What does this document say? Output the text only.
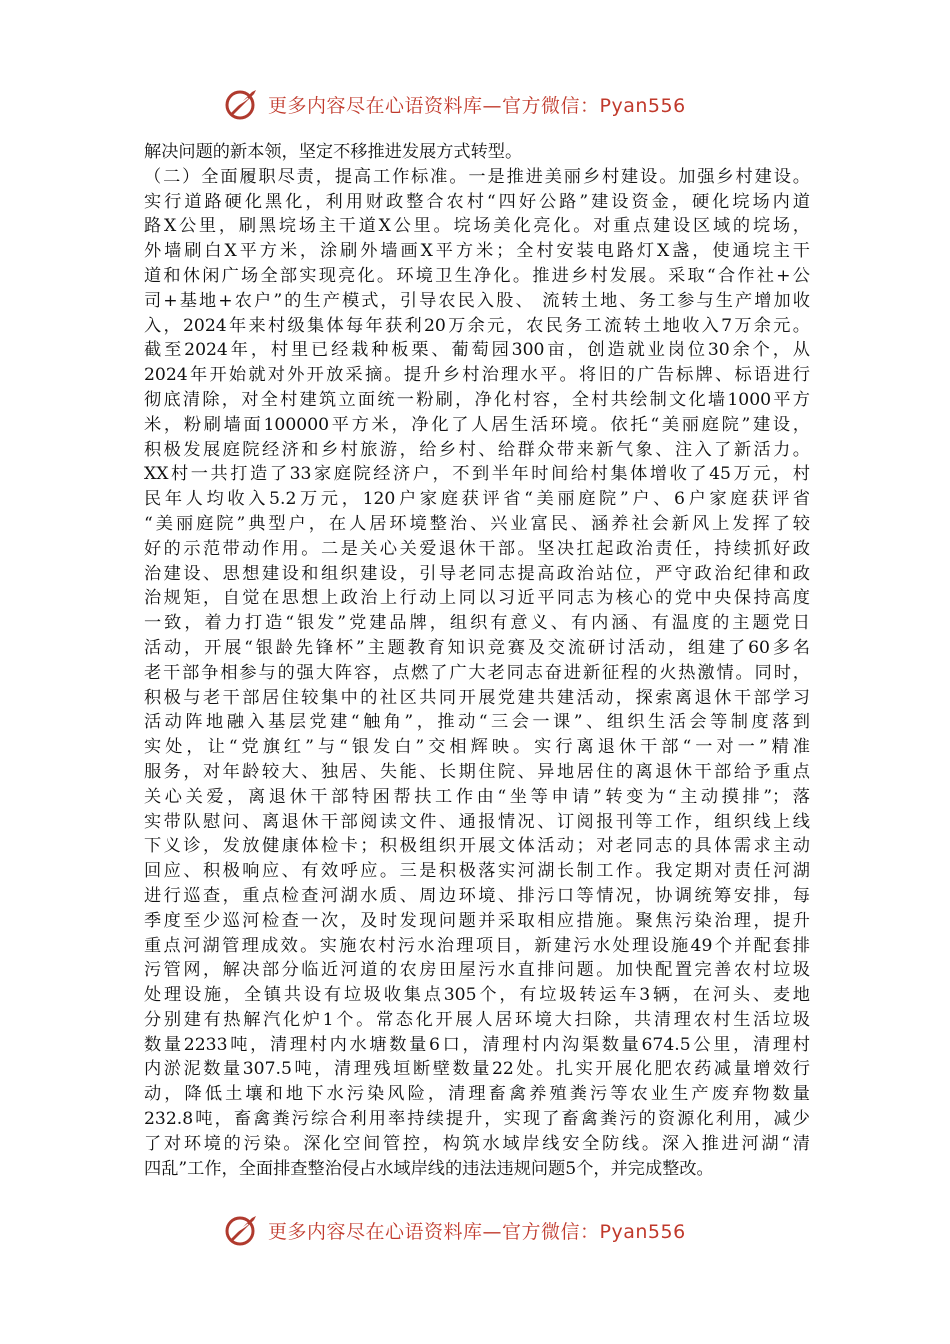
更多内容尽在心语资料库—官方微信：Pyan556
解决问题的新本领，坚定不移推进发展方式转型。
（二）全面履职尽责，提高工作标准。一是推进美丽乡村建设。加强乡村建设。
实行道路硬化黑化，利用财政整合农村“四好公路”建设资金，硬化垸场内道
路X公里，刷黑垸场主干道X公里。垸场美化亮化。对重点建设区域的垸场，
外墙刷白X平方米，涂刷外墙画X平方米；全村安装电路灯X盏，使通垸主干
道和休闲广场全部实现亮化。环境卫生净化。推进乡村发展。采取“合作社+公
司+基地+农户”的生产模式，引导农民入股、 流转土地、务工参与生产增加收
入，2024年来村级集体每年获利20万余元，农民务工流转土地收入7万余元。
截至2024年，村里已经栽种板栗、葡萄园300亩，创造就业岗位30余个，从
2024年开始就对外开放采摘。提升乡村治理水平。将旧的广告标牌、标语进行
彻底清除，对全村建筑立面统一粉刷，净化村容，全村共绘制文化墙1000平方
米，粉刷墙面100000平方米，净化了人居生活环境。依托“美丽庭院”建设，
积极发展庭院经济和乡村旅游，给乡村、给群众带来新气象、注入了新活力。
XX村一共打造了33家庭院经济户，不到半年时间给村集体增收了45万元，村
民年人均收入5.2万元，120户家庭获评省“美丽庭院”户、6户家庭获评省
“美丽庭院”典型户，在人居环境整治、兴业富民、涵养社会新风上发挥了较
好的示范带动作用。二是关心关爱退休干部。坚决扛起政治责任，持续抓好政
治建设、思想建设和组织建设，引导老同志提高政治站位，严守政治纪律和政
治规矩，自觉在思想上政治上行动上同以习近平同志为核心的党中央保持高度
一致，着力打造“银发”党建品牌，组织有意义、有内涵、有温度的主题党日
活动，开展“银龄先锋杯”主题教育知识竞赛及交流研讨活动，组建了60多名
老干部争相参与的强大阵容，点燃了广大老同志奋进新征程的火热激情。同时，
积极与老干部居住较集中的社区共同开展党建共建活动，探索离退休干部学习
活动阵地融入基层党建“触角”，推动“三会一课”、组织生活会等制度落到
实处，让“党旗红”与“银发白”交相辉映。实行离退休干部“一对一”精准
服务，对年龄较大、独居、失能、长期住院、异地居住的离退休干部给予重点
关心关爱，离退休干部特困帮扶工作由“坐等申请”转变为“主动摸排”；落
实带队慰问、离退休干部阅读文件、通报情况、订阅报刊等工作，组织线上线
下义诊，发放健康体检卡；积极组织开展文体活动；对老同志的具体需求主动
回应、积极响应、有效呼应。三是积极落实河湖长制工作。我定期对责任河湖
进行巡查，重点检查河湖水质、周边环境、排污口等情况，协调统筹安排，每
季度至少巡河检查一次，及时发现问题并采取相应措施。聚焦污染治理，提升
重点河湖管理成效。实施农村污水治理项目，新建污水处理设施49个并配套排
污管网，解决部分临近河道的农房田屋污水直排问题。加快配置完善农村垃圾
处理设施，全镇共设有垃圾收集点305个，有垃圾转运车3辆，在河头、麦地
分别建有热解汽化炉1个。常态化开展人居环境大扫除，共清理农村生活垃圾
数量2233吨，清理村内水塘数量6口，清理村内沟渠数量674.5公里，清理村
内淤泥数量307.5吨，清理残垣断壁数量22处。扎实开展化肥农药减量增效行
动，降低土壤和地下水污染风险，清理畜禽养殖粪污等农业生产废弃物数量
232.8吨，畜禽粪污综合利用率持续提升，实现了畜禽粪污的资源化利用，减少
了对环境的污染。深化空间管控，构筑水域岸线安全防线。深入推进河湖“清
四乱”工作，全面排查整治侵占水域岸线的违法违规问题5个，并完成整改。
更多内容尽在心语资料库—官方微信：Pyan556
